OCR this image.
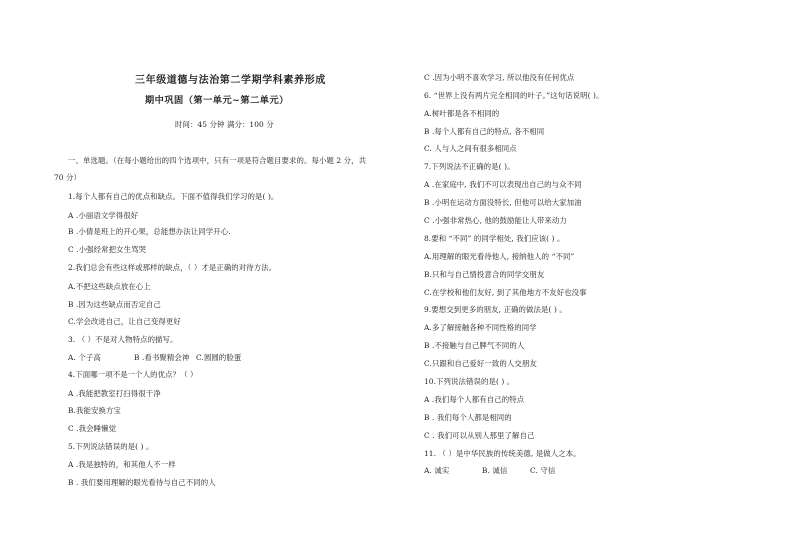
三年级道德与法治第二学期学科素养形成
期中巩固（第一单元~第二单元）
时间：45 分钟 满分：100 分
一、单选题。（在每小题给出的四个选项中，只有一项是符合题目要求的。每小题 2 分，共
70 分）
1.每个人都有自己的优点和缺点。下面不值得我们学习的是( )。
A .小丽语文学得很好
B .小倩是班上的开心果，总能想办法让同学开心.
C .小强经常把女生骂哭
2.我们总会有些这样或那样的缺点，（ ）才是正确的对待方法。
A.不把这些缺点放在心上
B .因为这些缺点而否定自己
C.学会改进自己，让自己变得更好
3. （ ）不是对人物特点的描写。
A. 个子高	B .看书聚精会神 C.圆圆的脸蛋
4.下面哪一项不是一个人的优点？（ ）
A .我能把教室打扫得很干净
B.我能安换方宝
C .我会睡懒觉
5.下列说法错误的是( ) 。
A .我是独特的，和其他人不一样
B . 我们要用理解的眼光看待与自己不同的人
C .因为小明不喜欢学习, 所以他没有任何优点
6. “世界上没有两片完全相同的叶子。”这句话说明( )。
A.树叶都是各不相同的
B .每个人都有自己的特点, 各不相同
C. 人与人之间有很多相同点
7.下列说法不正确的是( )。
A .在家庭中, 我们不可以表现出自己的与众不同
B .小明在运动方面没特长, 但他可以给大家加油
C .小强非常热心, 他的鼓励能让人带来动力
8.要和 “不同” 的同学相处, 我们应该( ) 。
A.用理解的眼光看待他人, 接纳他人的 “不同”
B.只和与自己情投意合的同学交朋友
C.在学校和他们友好, 到了其他地方不友好也没事
9.要想交到更多的朋友, 正确的做法是( ) 。
A.多了解接触各种不同性格的同学
B .不接触与自己脾气不同的人
C.只跟和自己爱好一致的人交朋友
10.下列说法错误的是( ) 。
A .我们每个人都有自己的特点
B . 我们每个人都是相同的
C . 我们可以从别人那里了解自己
11. （ ）是中华民族的传统美德, 是做人之本。
A. 诚实	B. 诚信	C. 守信
